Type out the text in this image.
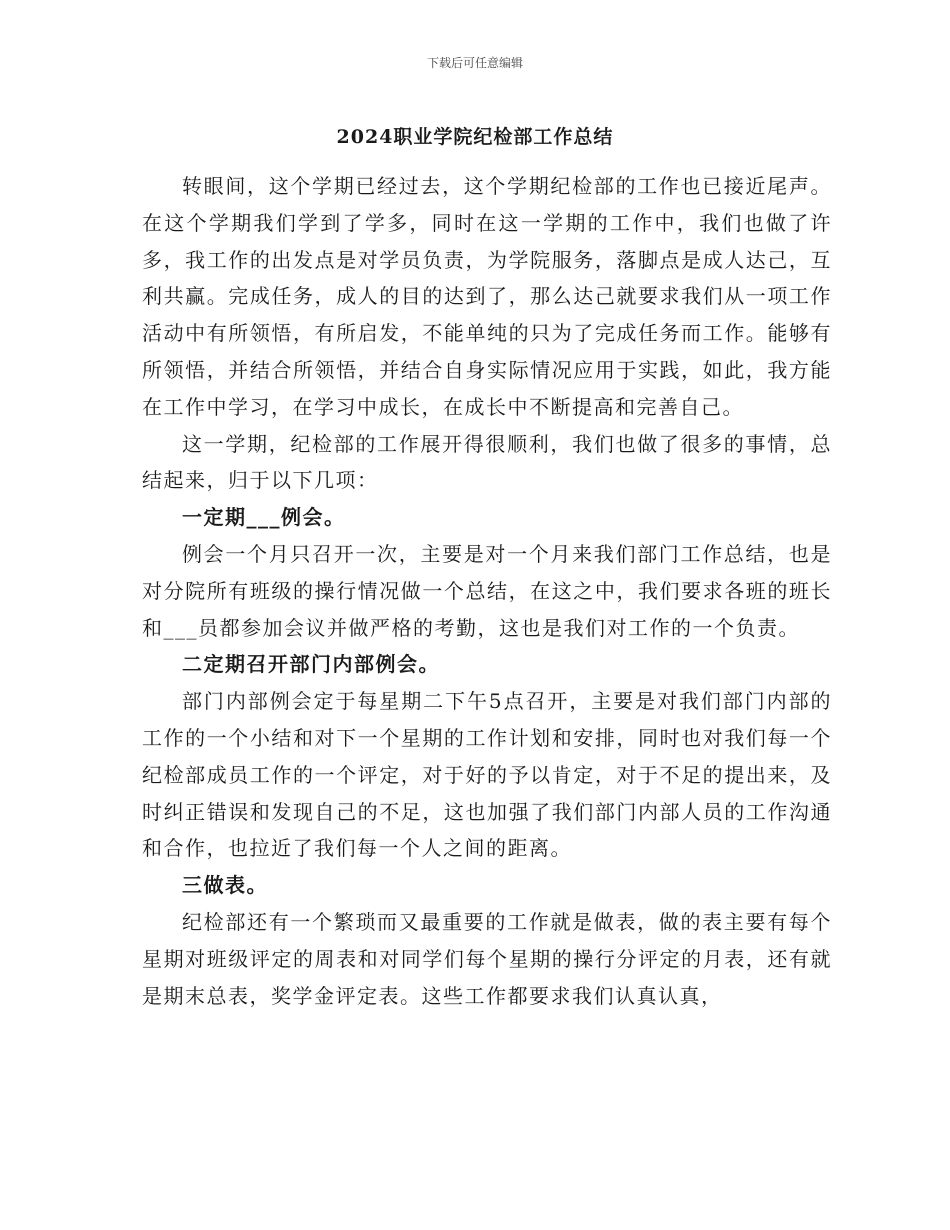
下载后可任意编辑
2024职业学院纪检部工作总结

转眼间，这个学期已经过去，这个学期纪检部的工作也已接近尾声。在这个学期我们学到了学多，同时在这一学期的工作中，我们也做了许多，我工作的出发点是对学员负责，为学院服务，落脚点是成人达己，互利共赢。完成任务，成人的目的达到了，那么达己就要求我们从一项工作活动中有所领悟，有所启发，不能单纯的只为了完成任务而工作。能够有所领悟，并结合所领悟，并结合自身实际情况应用于实践，如此，我方能在工作中学习，在学习中成长，在成长中不断提高和完善自己。

这一学期，纪检部的工作展开得很顺利，我们也做了很多的事情，总结起来，归于以下几项：

一定期___例会。

例会一个月只召开一次，主要是对一个月来我们部门工作总结，也是对分院所有班级的操行情况做一个总结，在这之中，我们要求各班的班长和___员都参加会议并做严格的考勤，这也是我们对工作的一个负责。

二定期召开部门内部例会。

部门内部例会定于每星期二下午5点召开，主要是对我们部门内部的工作的一个小结和对下一个星期的工作计划和安排，同时也对我们每一个纪检部成员工作的一个评定，对于好的予以肯定，对于不足的提出来，及时纠正错误和发现自己的不足，这也加强了我们部门内部人员的工作沟通和合作，也拉近了我们每一个人之间的距离。

三做表。

纪检部还有一个繁琐而又最重要的工作就是做表，做的表主要有每个星期对班级评定的周表和对同学们每个星期的操行分评定的月表，还有就是期末总表，奖学金评定表。这些工作都要求我们认真认真，
